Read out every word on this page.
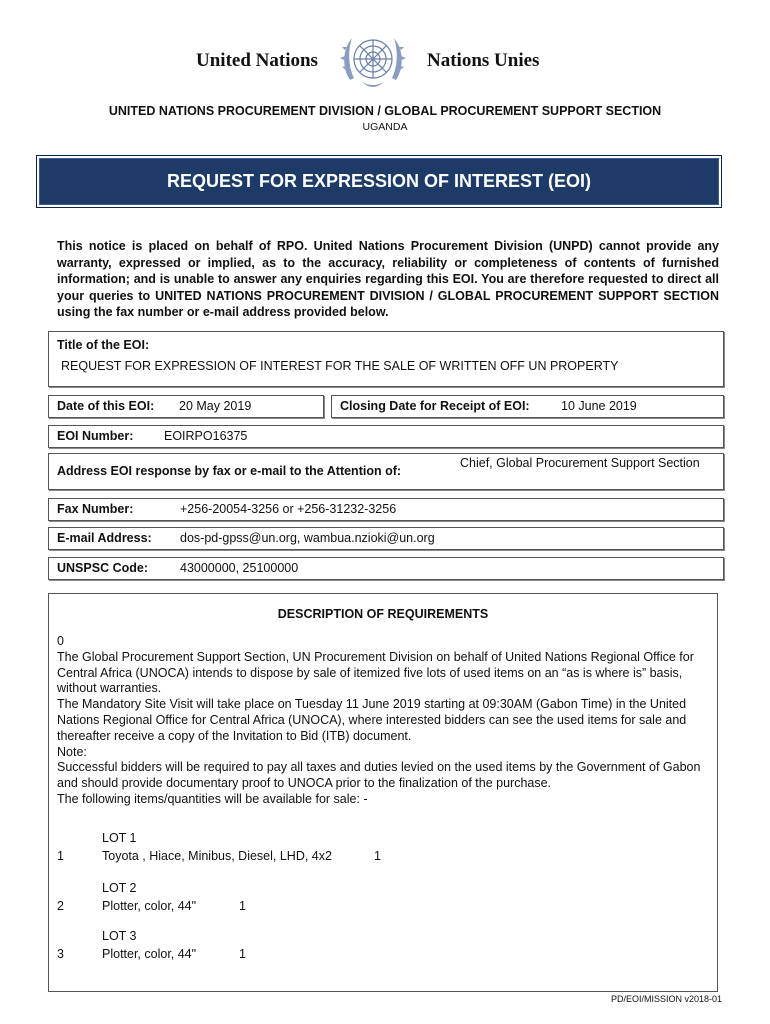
United Nations	Nations Unies
UNITED NATIONS PROCUREMENT DIVISION / GLOBAL PROCUREMENT SUPPORT SECTION
UGANDA
REQUEST FOR EXPRESSION OF INTEREST (EOI)
This notice is placed on behalf of RPO. United Nations Procurement Division (UNPD) cannot provide any warranty, expressed or implied, as to the accuracy, reliability or completeness of contents of furnished information; and is unable to answer any enquiries regarding this EOI. You are therefore requested to direct all your queries to UNITED NATIONS PROCUREMENT DIVISION / GLOBAL PROCUREMENT SUPPORT SECTION using the fax number or e-mail address provided below.
Title of the EOI:
REQUEST FOR EXPRESSION OF INTEREST FOR THE SALE OF WRITTEN OFF UN PROPERTY
Date of this EOI: 20 May 2019	Closing Date for Receipt of EOI:	10 June 2019
EOI Number: EOIRPO16375
Address EOI response by fax or e-mail to the Attention of:
Chief, Global Procurement Support Section
Fax Number:	+256-20054-3256 or +256-31232-3256
E-mail Address: dos-pd-gpss@un.org, wambua.nzioki@un.org
UNSPSC Code:	43000000, 25100000
DESCRIPTION OF REQUIREMENTS

0

The Global Procurement Support Section, UN Procurement Division on behalf of United Nations Regional Office for Central Africa (UNOCA) intends to dispose by sale of itemized five lots of used items on an “as is where is” basis, without warranties.

The Mandatory Site Visit will take place on Tuesday 11 June 2019 starting at 09:30AM (Gabon Time) in the United Nations Regional Office for Central Africa (UNOCA), where interested bidders can see the used items for sale and thereafter receive a copy of the Invitation to Bid (ITB) document.

Note:

Successful bidders will be required to pay all taxes and duties levied on the used items by the Government of Gabon and should provide documentary proof to UNOCA prior to the finalization of the purchase.

The following items/quantities will be available for sale: -

LOT 1
1	Toyota , Hiace, Minibus, Diesel, LHD, 4x2	1
LOT 2
2	Plotter, color, 44"	1
LOT 3
3	Plotter, color, 44"	1
PD/EOI/MISSION v2018-01
